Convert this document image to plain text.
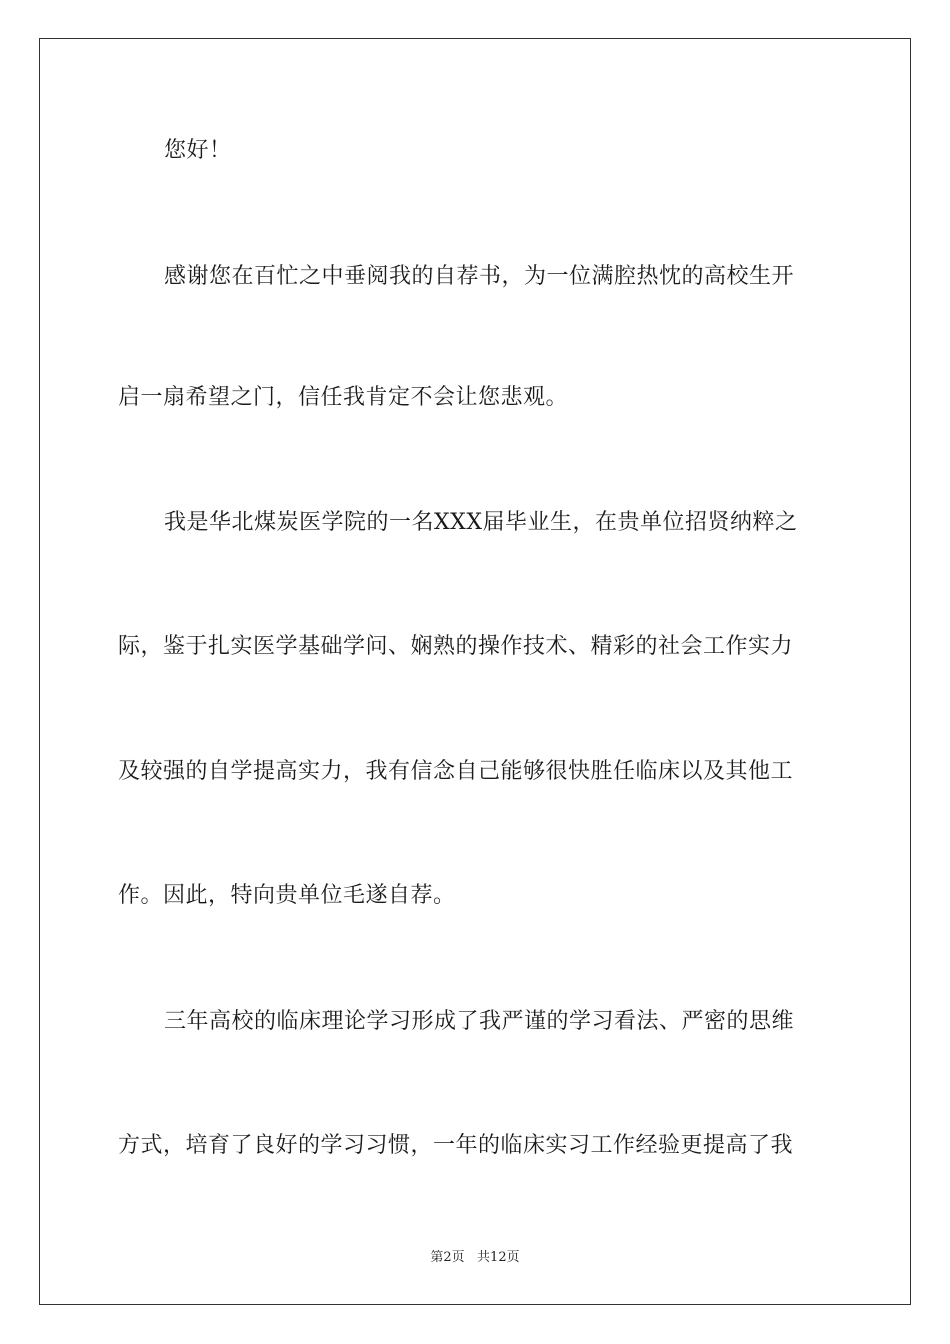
您好！
感谢您在百忙之中垂阅我的自荐书，为一位满腔热忱的高校生开
启一扇希望之门，信任我肯定不会让您悲观。
我是华北煤炭医学院的一名XXX届毕业生，在贵单位招贤纳粹之
际，鉴于扎实医学基础学问、娴熟的操作技术、精彩的社会工作实力
及较强的自学提高实力，我有信念自己能够很快胜任临床以及其他工
作。因此，特向贵单位毛遂自荐。
三年高校的临床理论学习形成了我严谨的学习看法、严密的思维
方式，培育了良好的学习习惯，一年的临床实习工作经验更提高了我
第2页   共12页
